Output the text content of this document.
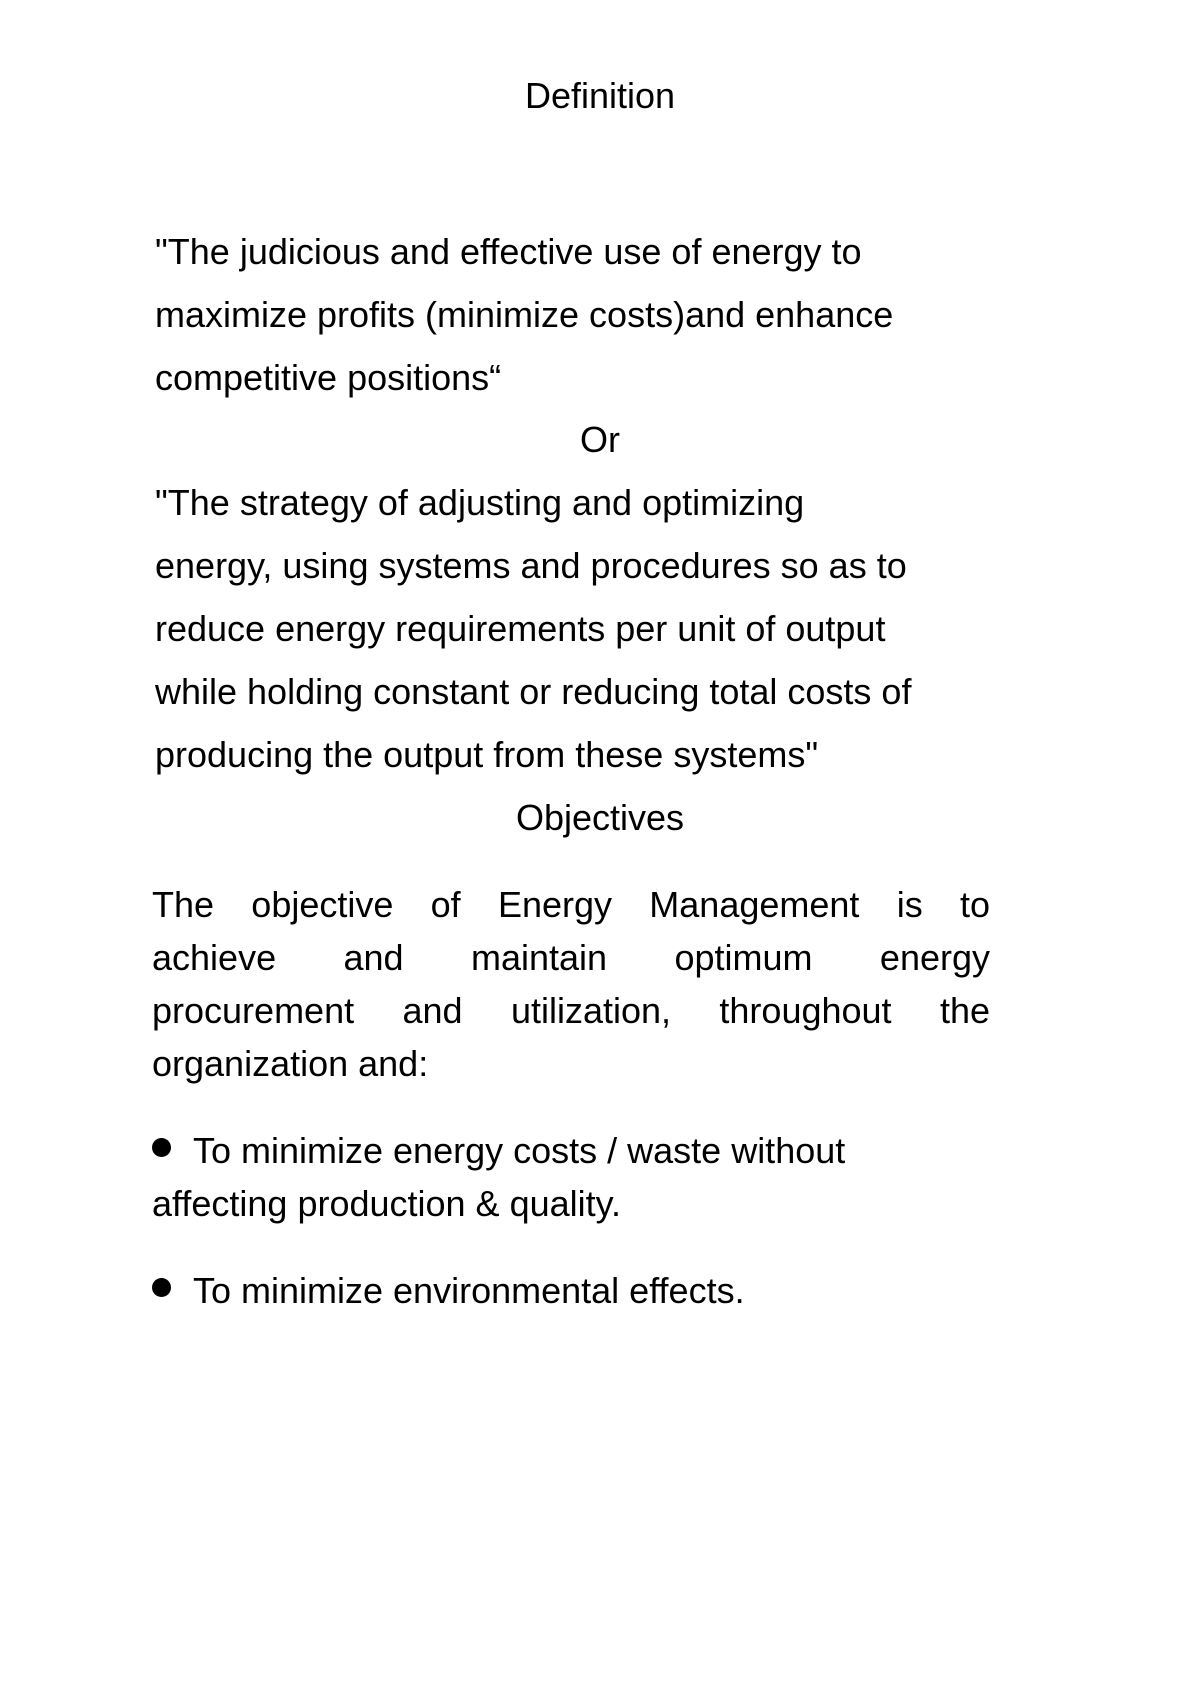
Definition
"The judicious and effective use of energy to
maximize profits (minimize costs)and enhance
competitive positions“
Or
"The strategy of adjusting and optimizing
energy, using systems and procedures so as to
reduce energy requirements per unit of output
while holding constant or reducing total costs of
producing the output from these systems"
Objectives
The objective of Energy Management is to
achieve and maintain optimum energy
procurement and utilization, throughout the
organization and:
To minimize energy costs / waste without
affecting production & quality.
To minimize environmental effects.
